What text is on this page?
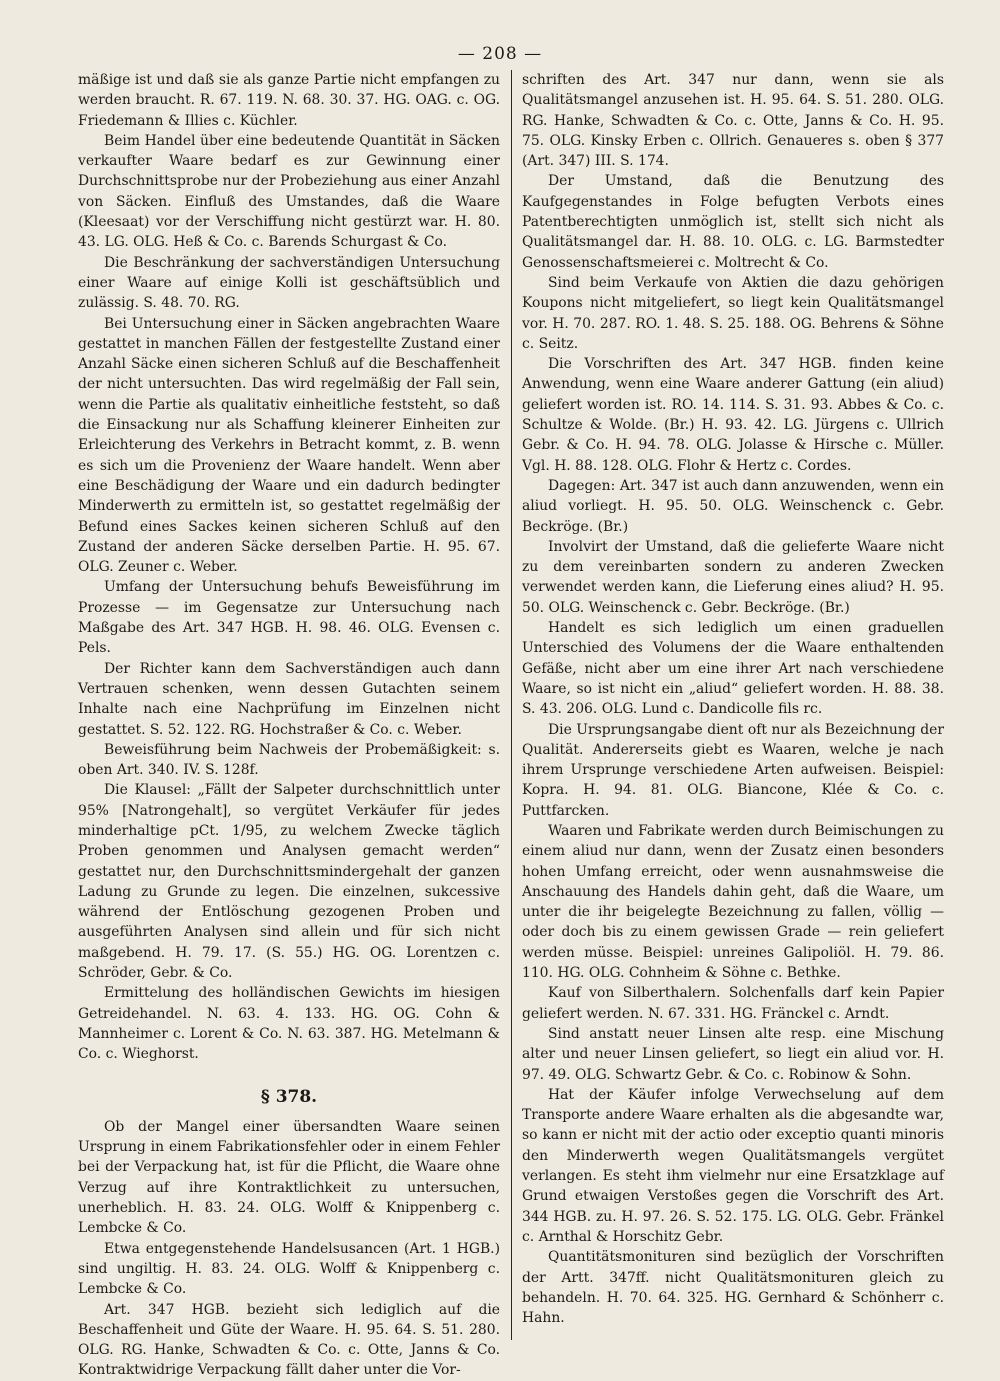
— 208 —

mäßige ist und daß sie als ganze Partie nicht empfangen zu werden braucht. R. 67. 119. N. 68. 30. 37. HG. OAG. c. OG. Friedemann & Illies c. Küchler.

Beim Handel über eine bedeutende Quantität in Säcken verkaufter Waare bedarf es zur Gewinnung einer Durchschnittsprobe nur der Probeziehung aus einer Anzahl von Säcken. Einfluß des Umstandes, daß die Waare (Kleesaat) vor der Verschiffung nicht gestürzt war. H. 80. 43. LG. OLG. Heß & Co. c. Barends Schurgast & Co.

Die Beschränkung der sachverständigen Untersuchung einer Waare auf einige Kolli ist geschäftsüblich und zulässig. S. 48. 70. RG.

Bei Untersuchung einer in Säcken angebrachten Waare gestattet in manchen Fällen der festgestellte Zustand einer Anzahl Säcke einen sicheren Schluß auf die Beschaffenheit der nicht untersuchten. Das wird regelmäßig der Fall sein, wenn die Partie als qualitativ einheitliche feststeht, so daß die Einsackung nur als Schaffung kleinerer Einheiten zur Erleichterung des Verkehrs in Betracht kommt, z. B. wenn es sich um die Provenienz der Waare handelt. Wenn aber eine Beschädigung der Waare und ein dadurch bedingter Minderwerth zu ermitteln ist, so gestattet regelmäßig der Befund eines Sackes keinen sicheren Schluß auf den Zustand der anderen Säcke derselben Partie. H. 95. 67. OLG. Zeuner c. Weber.

Umfang der Untersuchung behufs Beweisführung im Prozesse — im Gegensatze zur Untersuchung nach Maßgabe des Art. 347 HGB. H. 98. 46. OLG. Evensen c. Pels.

Der Richter kann dem Sachverständigen auch dann Vertrauen schenken, wenn dessen Gutachten seinem Inhalte nach eine Nachprüfung im Einzelnen nicht gestattet. S. 52. 122. RG. Hochstraßer & Co. c. Weber.

Beweisführung beim Nachweis der Probemäßigkeit: s. oben Art. 340. IV. S. 128f.

Die Klausel: „Fällt der Salpeter durchschnittlich unter 95% [Natrongehalt], so vergütet Verkäufer für jedes minderhaltige pCt. 1/95, zu welchem Zwecke täglich Proben genommen und Analysen gemacht werden“ gestattet nur, den Durchschnittsmindergehalt der ganzen Ladung zu Grunde zu legen. Die einzelnen, sukcessive während der Entlöschung gezogenen Proben und ausgeführten Analysen sind allein und für sich nicht maßgebend. H. 79. 17. (S. 55.) HG. OG. Lorentzen c. Schröder, Gebr. & Co.

Ermittelung des holländischen Gewichts im hiesigen Getreidehandel. N. 63. 4. 133. HG. OG. Cohn & Mannheimer c. Lorent & Co. N. 63. 387. HG. Metelmann & Co. c. Wieghorst.

§ 378.

Ob der Mangel einer übersandten Waare seinen Ursprung in einem Fabrikationsfehler oder in einem Fehler bei der Verpackung hat, ist für die Pflicht, die Waare ohne Verzug auf ihre Kontraktlichkeit zu untersuchen, unerheblich. H. 83. 24. OLG. Wolff & Knippenberg c. Lembcke & Co.

Etwa entgegenstehende Handelsusancen (Art. 1 HGB.) sind ungiltig. H. 83. 24. OLG. Wolff & Knippenberg c. Lembcke & Co.

Art. 347 HGB. bezieht sich lediglich auf die Beschaffenheit und Güte der Waare. H. 95. 64. S. 51. 280. OLG. RG. Hanke, Schwadten & Co. c. Otte, Janns & Co. Kontraktwidrige Verpackung fällt daher unter die Vor-

schriften des Art. 347 nur dann, wenn sie als Qualitätsmangel anzusehen ist. H. 95. 64. S. 51. 280. OLG. RG. Hanke, Schwadten & Co. c. Otte, Janns & Co. H. 95. 75. OLG. Kinsky Erben c. Ollrich. Genaueres s. oben § 377 (Art. 347) III. S. 174.

Der Umstand, daß die Benutzung des Kaufgegenstandes in Folge befugten Verbots eines Patentberechtigten unmöglich ist, stellt sich nicht als Qualitätsmangel dar. H. 88. 10. OLG. c. LG. Barmstedter Genossenschaftsmeierei c. Moltrecht & Co.

Sind beim Verkaufe von Aktien die dazu gehörigen Koupons nicht mitgeliefert, so liegt kein Qualitätsmangel vor. H. 70. 287. RO. 1. 48. S. 25. 188. OG. Behrens & Söhne c. Seitz.

Die Vorschriften des Art. 347 HGB. finden keine Anwendung, wenn eine Waare anderer Gattung (ein aliud) geliefert worden ist. RO. 14. 114. S. 31. 93. Abbes & Co. c. Schultze & Wolde. (Br.) H. 93. 42. LG. Jürgens c. Ullrich Gebr. & Co. H. 94. 78. OLG. Jolasse & Hirsche c. Müller. Vgl. H. 88. 128. OLG. Flohr & Hertz c. Cordes.

Dagegen: Art. 347 ist auch dann anzuwenden, wenn ein aliud vorliegt. H. 95. 50. OLG. Weinschenck c. Gebr. Beckröge. (Br.)

Involvirt der Umstand, daß die gelieferte Waare nicht zu dem vereinbarten sondern zu anderen Zwecken verwendet werden kann, die Lieferung eines aliud? H. 95. 50. OLG. Weinschenck c. Gebr. Beckröge. (Br.)

Handelt es sich lediglich um einen graduellen Unterschied des Volumens der die Waare enthaltenden Gefäße, nicht aber um eine ihrer Art nach verschiedene Waare, so ist nicht ein „aliud“ geliefert worden. H. 88. 38. S. 43. 206. OLG. Lund c. Dandicolle fils rc.

Die Ursprungsangabe dient oft nur als Bezeichnung der Qualität. Andererseits giebt es Waaren, welche je nach ihrem Ursprunge verschiedene Arten aufweisen. Beispiel: Kopra. H. 94. 81. OLG. Biancone, Klée & Co. c. Puttfarcken.

Waaren und Fabrikate werden durch Beimischungen zu einem aliud nur dann, wenn der Zusatz einen besonders hohen Umfang erreicht, oder wenn ausnahmsweise die Anschauung des Handels dahin geht, daß die Waare, um unter die ihr beigelegte Bezeichnung zu fallen, völlig — oder doch bis zu einem gewissen Grade — rein geliefert werden müsse. Beispiel: unreines Galipoliöl. H. 79. 86. 110. HG. OLG. Cohnheim & Söhne c. Bethke.

Kauf von Silberthalern. Solchenfalls darf kein Papier geliefert werden. N. 67. 331. HG. Fränckel c. Arndt.

Sind anstatt neuer Linsen alte resp. eine Mischung alter und neuer Linsen geliefert, so liegt ein aliud vor. H. 97. 49. OLG. Schwartz Gebr. & Co. c. Robinow & Sohn.

Hat der Käufer infolge Verwechselung auf dem Transporte andere Waare erhalten als die abgesandte war, so kann er nicht mit der actio oder exceptio quanti minoris den Minderwerth wegen Qualitätsmangels vergütet verlangen. Es steht ihm vielmehr nur eine Ersatzklage auf Grund etwaigen Verstoßes gegen die Vorschrift des Art. 344 HGB. zu. H. 97. 26. S. 52. 175. LG. OLG. Gebr. Fränkel c. Arnthal & Horschitz Gebr.

Quantitätsmonituren sind bezüglich der Vorschriften der Artt. 347ff. nicht Qualitätsmonituren gleich zu behandeln. H. 70. 64. 325. HG. Gernhard & Schönherr c. Hahn.
